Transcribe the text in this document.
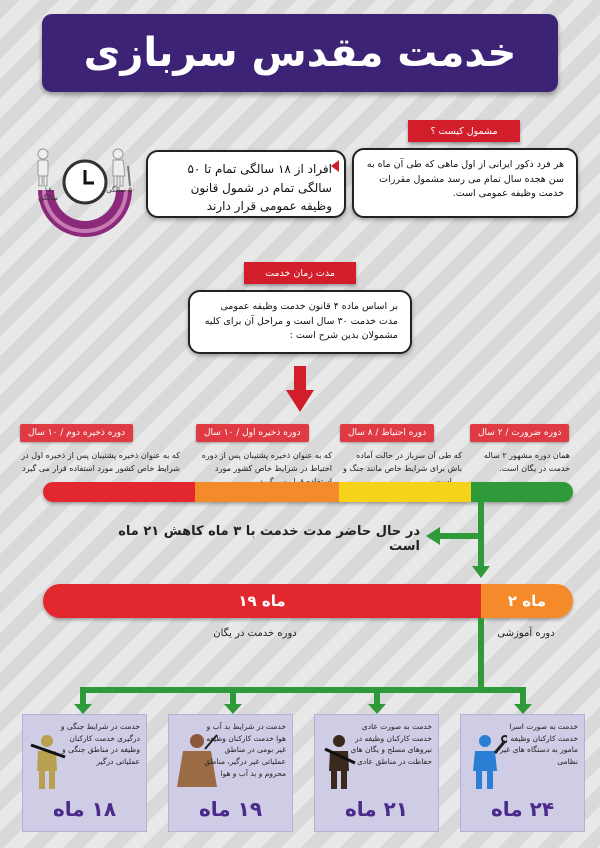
خدمت مقدس سربازی
مشمول کیست ؟
هر فرد ذکور ایرانی از اول ماهی که طی آن ماه به سن هجده سال تمام می رسد مشمول مقررات خدمت وظیفه عمومی است.
افراد از ۱۸ سالگی تمام تا ۵۰ سالگی تمام در شمول قانون وظیفه عمومی قرار دارند
۱۸ سالگی
۵۰ سالگی
مدت زمان خدمت
بر اساس ماده ۴ قانون خدمت وظیفه عمومی مدت خدمت ۳۰ سال است و مراحل آن برای کلیه مشمولان بدین شرح است :
دوره ضرورت / ۲ سال
همان دوره مشهور ۲ ساله خدمت در یگان است.
دوره احتیاط / ۸ سال
که طی آن سرباز در حالت آماده باش برای شرایط خاص مانند جنگ و
دوره ذخیره اول / ۱۰ سال
که به عنوان ذخیره پشتیبان پس از دوره احتیاط در شرایط خاص کشور مورد
دوره ذخیره دوم / ۱۰ سال
که به عنوان ذخیره پشتیبان پس از ذخیره اول در شرایط خاص کشور مورد استفاده قرار می گیرد
در حال حاضر مدت خدمت با ۳ ماه کاهش ۲۱ ماه است
۱۹ ماه	۲ ماه
دوره آموزشی
دوره خدمت در یگان
خدمت به صورت اسرا خدمت کارکنان وظیفه مامور به دستگاه های غیر نظامی
۲۴ ماه
خدمت به صورت عادی خدمت کارکنان وظیفه در نیروهای مسلح و یگان های حفاظت در مناطق عادی
۲۱ ماه
خدمت در شرایط بد آب و هوا خدمت کارکنان وظیفه غیر بومی در مناطق عملیاتی غیر درگیر، مناطق محروم و بد آب و هوا
۱۹ ماه
خدمت در شرایط جنگی و درگیری خدمت کارکنان وظیفه در مناطق جنگی و عملیاتی درگیر
۱۸ ماه
